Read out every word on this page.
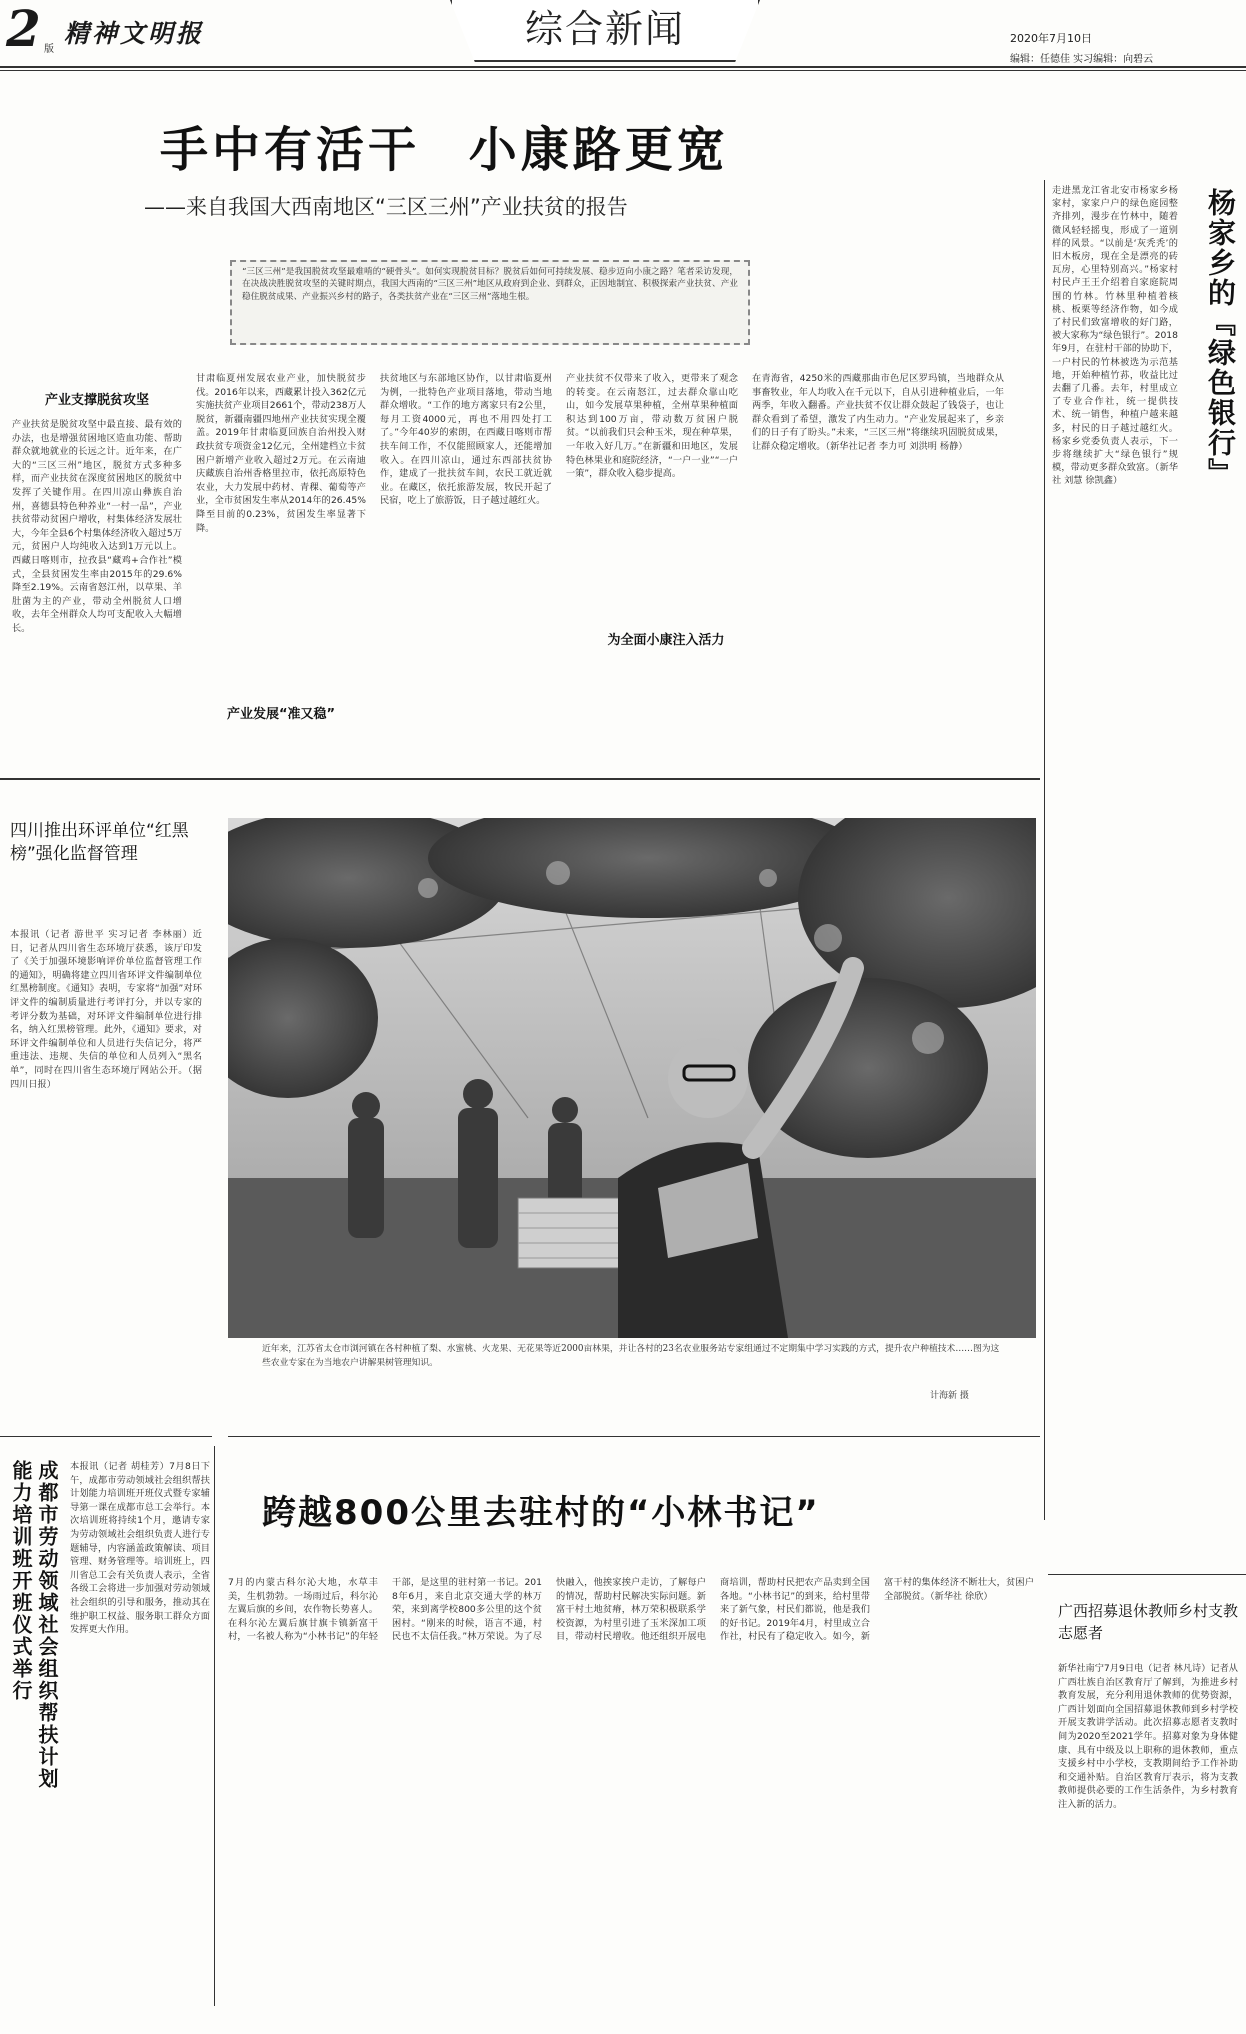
2 版
精神文明报	综合新闻	2020年7月10日
编辑：任德佳 实习编辑：向碧云
手中有活干 小康路更宽
——来自我国大西南地区“三区三州”产业扶贫的报告
“三区三州”是我国脱贫攻坚最难啃的“硬骨头”。如何实现脱贫目标？脱贫后如何可持续发展、稳步迈向小康之路？笔者采访发现，在决战决胜脱贫攻坚的关键时期点，我国大西南的“三区三州”地区从政府到企业、到群众，正因地制宜、积极探索产业扶贫、产业稳住脱贫成果、产业振兴乡村的路子，各类扶贫产业在“三区三州”落地生根。
产业支撑脱贫攻坚
产业扶贫是脱贫攻坚中最直接、最有效的办法，也是增强贫困地区造血功能、帮助群众就地就业的长远之计。近年来，在广大的“三区三州”地区，脱贫方式多种多样，而产业扶贫在深度贫困地区的脱贫中发挥了关键作用。在四川凉山彝族自治州，喜德县特色种养业“一村一品”，产业扶贫带动贫困户增收，村集体经济发展壮大，今年全县6个村集体经济收入超过5万元，贫困户人均纯收入达到1万元以上。西藏日喀则市，拉孜县“藏鸡+合作社”模式，全县贫困发生率由2015年的29.6%降至2.19%。云南省怒江州，以草果、羊肚菌为主的产业，带动全州脱贫人口增收，去年全州群众人均可支配收入大幅增长。
甘肃临夏州发展农业产业，加快脱贫步伐。2016年以来，西藏累计投入362亿元实施扶贫产业项目2661个，带动238万人脱贫，新疆南疆四地州产业扶贫实现全覆盖。2019年甘肃临夏回族自治州投入财政扶贫专项资金12亿元，全州建档立卡贫困户新增产业收入超过2万元。在云南迪庆藏族自治州香格里拉市，依托高原特色农业，大力发展中药材、青稞、葡萄等产业，全市贫困发生率从2014年的26.45%降至目前的0.23%，贫困发生率显著下降。
产业发展“准又稳”
扶贫地区与东部地区协作，以甘肃临夏州为例，一批特色产业项目落地，带动当地群众增收。“工作的地方离家只有2公里，每月工资4000元，再也不用四处打工了。”今年40岁的索朗，在西藏日喀则市帮扶车间工作，不仅能照顾家人，还能增加收入。在四川凉山，通过东西部扶贫协作，建成了一批扶贫车间，农民工就近就业。在藏区，依托旅游发展，牧民开起了民宿，吃上了旅游饭，日子越过越红火。
产业扶贫不仅带来了收入，更带来了观念的转变。在云南怒江，过去群众靠山吃山，如今发展草果种植，全州草果种植面积达到100万亩，带动数万贫困户脱贫。“以前我们只会种玉米，现在种草果，一年收入好几万。”在新疆和田地区，发展特色林果业和庭院经济，“一户一业”“一户一策”，群众收入稳步提高。
为全面小康注入活力
在青海省，4250米的西藏那曲市色尼区罗玛镇，当地群众从事畜牧业，年人均收入在千元以下，自从引进种植业后，一年两季，年收入翻番。产业扶贫不仅让群众鼓起了钱袋子，也让群众看到了希望，激发了内生动力。“产业发展起来了，乡亲们的日子有了盼头。”未来，“三区三州”将继续巩固脱贫成果，让群众稳定增收。（新华社记者 李力可 刘洪明 杨静）
走进黑龙江省北安市杨家乡杨家村，家家户户的绿色庭园整齐排列，漫步在竹林中，随着微风轻轻摇曳，形成了一道别样的风景。“以前是‘灰秃秃’的旧木板房，现在全是漂亮的砖瓦房，心里特别高兴。”杨家村村民卢王王介绍着自家庭院周围的竹林。竹林里种植着核桃、板栗等经济作物，如今成了村民们致富增收的好门路，被大家称为“绿色银行”。2018年9月，在驻村干部的协助下，一户村民的竹林被选为示范基地，开始种植竹荪，收益比过去翻了几番。去年，村里成立了专业合作社，统一提供技术、统一销售，种植户越来越多，村民的日子越过越红火。杨家乡党委负责人表示，下一步将继续扩大“绿色银行”规模，带动更多群众致富。（新华社 刘慧 徐凯鑫）	杨家乡的『绿色银行』
四川推出环评单位“红黑榜”强化监督管理
本报讯（记者 游世平 实习记者 李林丽）近日，记者从四川省生态环境厅获悉，该厅印发了《关于加强环境影响评价单位监督管理工作的通知》，明确将建立四川省环评文件编制单位红黑榜制度。《通知》表明，专家将“加强”对环评文件的编制质量进行考评打分，并以专家的考评分数为基础，对环评文件编制单位进行排名，纳入红黑榜管理。此外，《通知》要求，对环评文件编制单位和人员进行失信记分，将严重违法、违规、失信的单位和人员列入“黑名单”，同时在四川省生态环境厅网站公开。（据四川日报）
近年来，江苏省太仓市浏河镇在各村种植了梨、水蜜桃、火龙果、无花果等近2000亩林果，并让各村的23名农业服务站专家组通过不定期集中学习实践的方式，提升农户种植技术……图为这些农业专家在为当地农户讲解果树管理知识。
计海新 摄
成都市劳动领域社会组织帮扶计划能力培训班开班仪式举行	本报讯（记者 胡桂芳）7月8日下午，成都市劳动领域社会组织帮扶计划能力培训班开班仪式暨专家辅导第一课在成都市总工会举行。本次培训班将持续1个月，邀请专家为劳动领域社会组织负责人进行专题辅导，内容涵盖政策解读、项目管理、财务管理等。培训班上，四川省总工会有关负责人表示，全省各级工会将进一步加强对劳动领域社会组织的引导和服务，推动其在维护职工权益、服务职工群众方面发挥更大作用。
跨越800公里去驻村的“小林书记”
7月的内蒙古科尔沁大地，水草丰美，生机勃勃。一场雨过后，科尔沁左翼后旗的乡间，农作物长势喜人。在科尔沁左翼后旗甘旗卡镇新富干村，一名被人称为“小林书记”的年轻干部，是这里的驻村第一书记。2018年6月，来自北京交通大学的林万荣，来到离学校800多公里的这个贫困村。“刚来的时候，语言不通，村民也不太信任我。”林万荣说。为了尽快融入，他挨家挨户走访，了解每户的情况，帮助村民解决实际问题。新富干村土地贫瘠，林万荣积极联系学校资源，为村里引进了玉米深加工项目，带动村民增收。他还组织开展电商培训，帮助村民把农产品卖到全国各地。“小林书记”的到来，给村里带来了新气象，村民们都说，他是我们的好书记。2019年4月，村里成立合作社，村民有了稳定收入。如今，新富干村的集体经济不断壮大，贫困户全部脱贫。（新华社 徐欣）
广西招募退休教师乡村支教志愿者
新华社南宁7月9日电（记者 林凡诗）记者从广西壮族自治区教育厅了解到，为推进乡村教育发展，充分利用退休教师的优势资源，广西计划面向全国招募退休教师到乡村学校开展支教讲学活动。此次招募志愿者支教时间为2020至2021学年。招募对象为身体健康、具有中级及以上职称的退休教师，重点支援乡村中小学校，支教期间给予工作补助和交通补贴。自治区教育厅表示，将为支教教师提供必要的工作生活条件，为乡村教育注入新的活力。
